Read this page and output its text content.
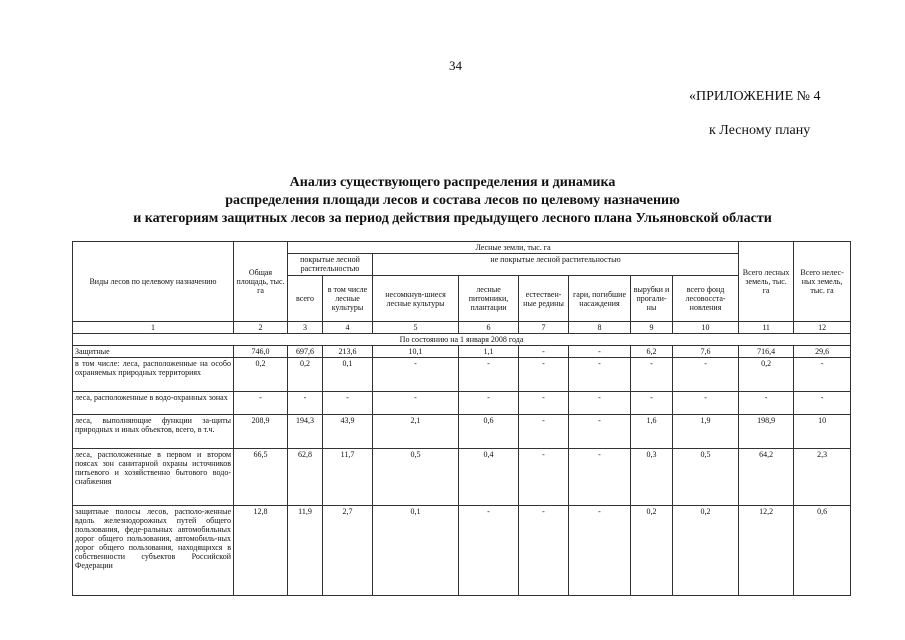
34
«ПРИЛОЖЕНИЕ № 4
к Лесному плану
Анализ существующего распределения и динамика
распределения площади лесов и состава лесов по целевому назначению
и категориям защитных лесов за период действия предыдущего лесного плана Ульяновской области
Виды лесов по целевому назначению	Общая площадь, тыс. га	Лесные земли, тыс. га								Всего лесных земель, тыс. га	Всего нелес-ных земель, тыс. га
		покрытые лесной растительностью		не покрытые лесной растительностью							
		всего	в том числе лесные культуры	несомкнув-шиеся лесные культуры	лесные питомники, плантации	естествен-ные редины	гари, погибшие насаждения	вырубки и прогали-ны	всего фонд лесовосста-новления		
1	2	3	4	5	6	7	8	9	10	11	12
По состоянию на 1 января 2008 года											
Защитные	746,0	697,6	213,6	10,1	1,1	-	-	6,2	7,6	716,4	29,6
в том числе: леса, расположенные на особо охраняемых природных территориях	0,2	0,2	0,1	-	-	-	-	-	-	0,2	-
леса, расположенные в водо-охранных зонах	-	-	-	-	-	-	-	-	-	-	-
леса, выполняющие функции за-щиты природных и иных объектов, всего, в т.ч.	208,9	194,3	43,9	2,1	0,6	-	-	1,6	1,9	198,9	10
леса, расположенные в первом и втором поясах зон санитарной охраны источников питьевого и хозяйственно бытового водо-снабжения	66,5	62,8	11,7	0,5	0,4	-	-	0,3	0,5	64,2	2,3
защитные полосы лесов, располо-женные вдоль железнодорожных путей общего пользования, феде-ральных автомобильных дорог общего пользования, автомобиль-ных дорог общего пользования, находящихся в собственности субъектов Российской Федерации	12,8	11,9	2,7	0,1	-	-	-	0,2	0,2	12,2	0,6
